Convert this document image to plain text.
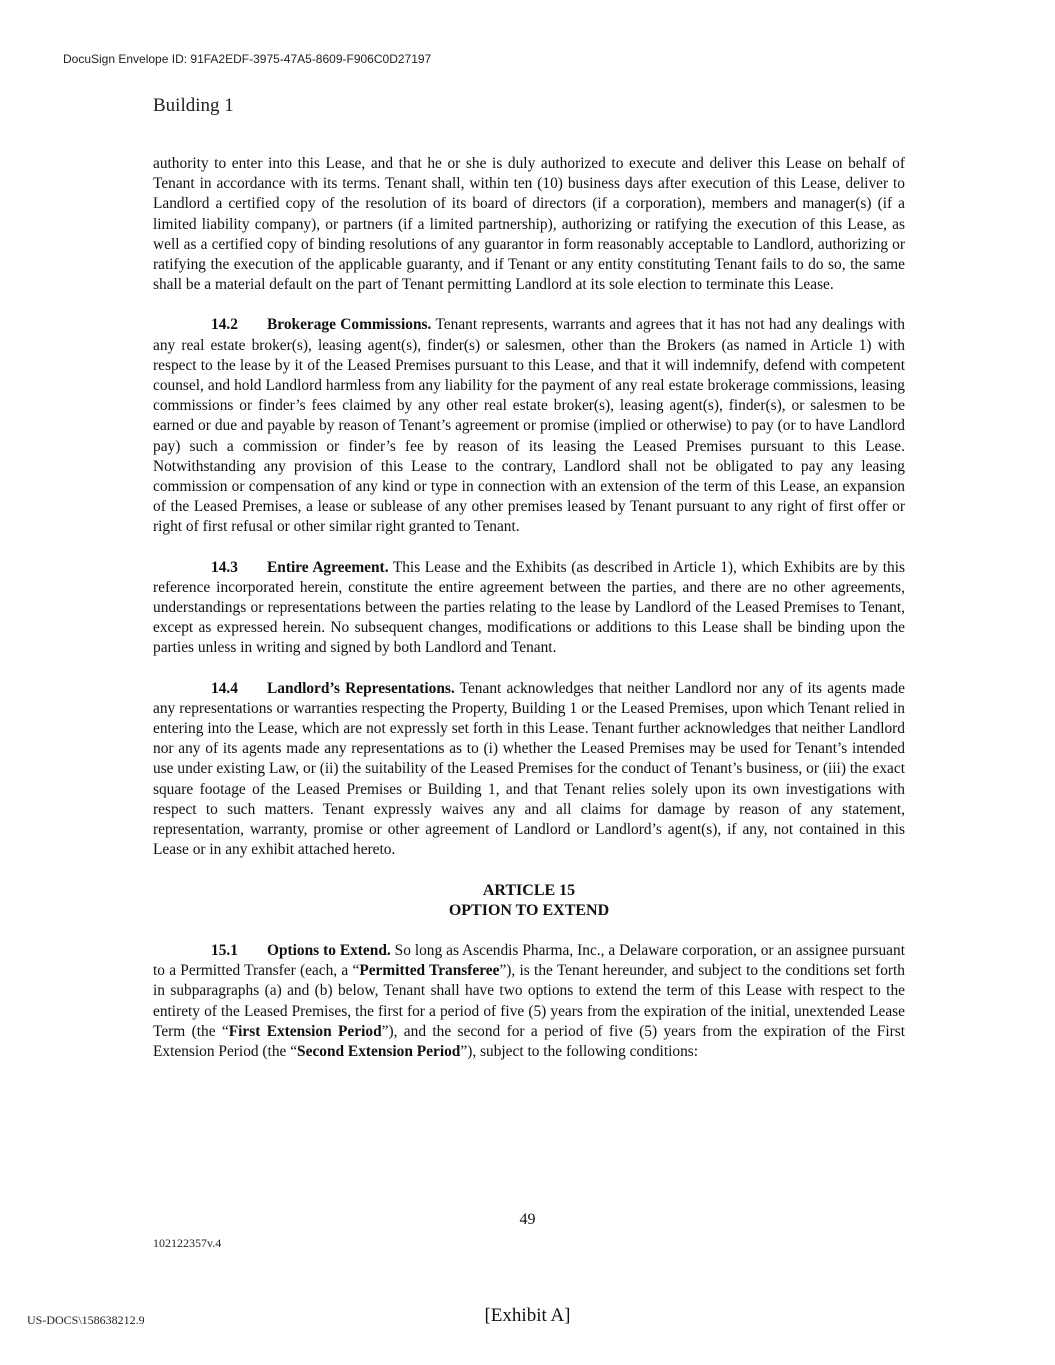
DocuSign Envelope ID: 91FA2EDF-3975-47A5-8609-F906C0D27197
Building 1

authority to enter into this Lease, and that he or she is duly authorized to execute and deliver this Lease on behalf of Tenant in accordance with its terms. Tenant shall, within ten (10) business days after execution of this Lease, deliver to Landlord a certified copy of the resolution of its board of directors (if a corporation), members and manager(s) (if a limited liability company), or partners (if a limited partnership), authorizing or ratifying the execution of this Lease, as well as a certified copy of binding resolutions of any guarantor in form reasonably acceptable to Landlord, authorizing or ratifying the execution of the applicable guaranty, and if Tenant or any entity constituting Tenant fails to do so, the same shall be a material default on the part of Tenant permitting Landlord at its sole election to terminate this Lease.

14.2 Brokerage Commissions. Tenant represents, warrants and agrees that it has not had any dealings with any real estate broker(s), leasing agent(s), finder(s) or salesmen, other than the Brokers (as named in Article 1) with respect to the lease by it of the Leased Premises pursuant to this Lease, and that it will indemnify, defend with competent counsel, and hold Landlord harmless from any liability for the payment of any real estate brokerage commissions, leasing commissions or finder’s fees claimed by any other real estate broker(s), leasing agent(s), finder(s), or salesmen to be earned or due and payable by reason of Tenant’s agreement or promise (implied or otherwise) to pay (or to have Landlord pay) such a commission or finder’s fee by reason of its leasing the Leased Premises pursuant to this Lease. Notwithstanding any provision of this Lease to the contrary, Landlord shall not be obligated to pay any leasing commission or compensation of any kind or type in connection with an extension of the term of this Lease, an expansion of the Leased Premises, a lease or sublease of any other premises leased by Tenant pursuant to any right of first offer or right of first refusal or other similar right granted to Tenant.

14.3 Entire Agreement. This Lease and the Exhibits (as described in Article 1), which Exhibits are by this reference incorporated herein, constitute the entire agreement between the parties, and there are no other agreements, understandings or representations between the parties relating to the lease by Landlord of the Leased Premises to Tenant, except as expressed herein. No subsequent changes, modifications or additions to this Lease shall be binding upon the parties unless in writing and signed by both Landlord and Tenant.

14.4 Landlord’s Representations. Tenant acknowledges that neither Landlord nor any of its agents made any representations or warranties respecting the Property, Building 1 or the Leased Premises, upon which Tenant relied in entering into the Lease, which are not expressly set forth in this Lease. Tenant further acknowledges that neither Landlord nor any of its agents made any representations as to (i) whether the Leased Premises may be used for Tenant’s intended use under existing Law, or (ii) the suitability of the Leased Premises for the conduct of Tenant’s business, or (iii) the exact square footage of the Leased Premises or Building 1, and that Tenant relies solely upon its own investigations with respect to such matters. Tenant expressly waives any and all claims for damage by reason of any statement, representation, warranty, promise or other agreement of Landlord or Landlord’s agent(s), if any, not contained in this Lease or in any exhibit attached hereto.

ARTICLE 15
OPTION TO EXTEND

15.1 Options to Extend. So long as Ascendis Pharma, Inc., a Delaware corporation, or an assignee pursuant to a Permitted Transfer (each, a “Permitted Transferee”), is the Tenant hereunder, and subject to the conditions set forth in subparagraphs (a) and (b) below, Tenant shall have two options to extend the term of this Lease with respect to the entirety of the Leased Premises, the first for a period of five (5) years from the expiration of the initial, unextended Lease Term (the “First Extension Period”), and the second for a period of five (5) years from the expiration of the First Extension Period (the “Second Extension Period”), subject to the following conditions:

49
102122357v.4
US-DOCS\158638212.9	[Exhibit A]
